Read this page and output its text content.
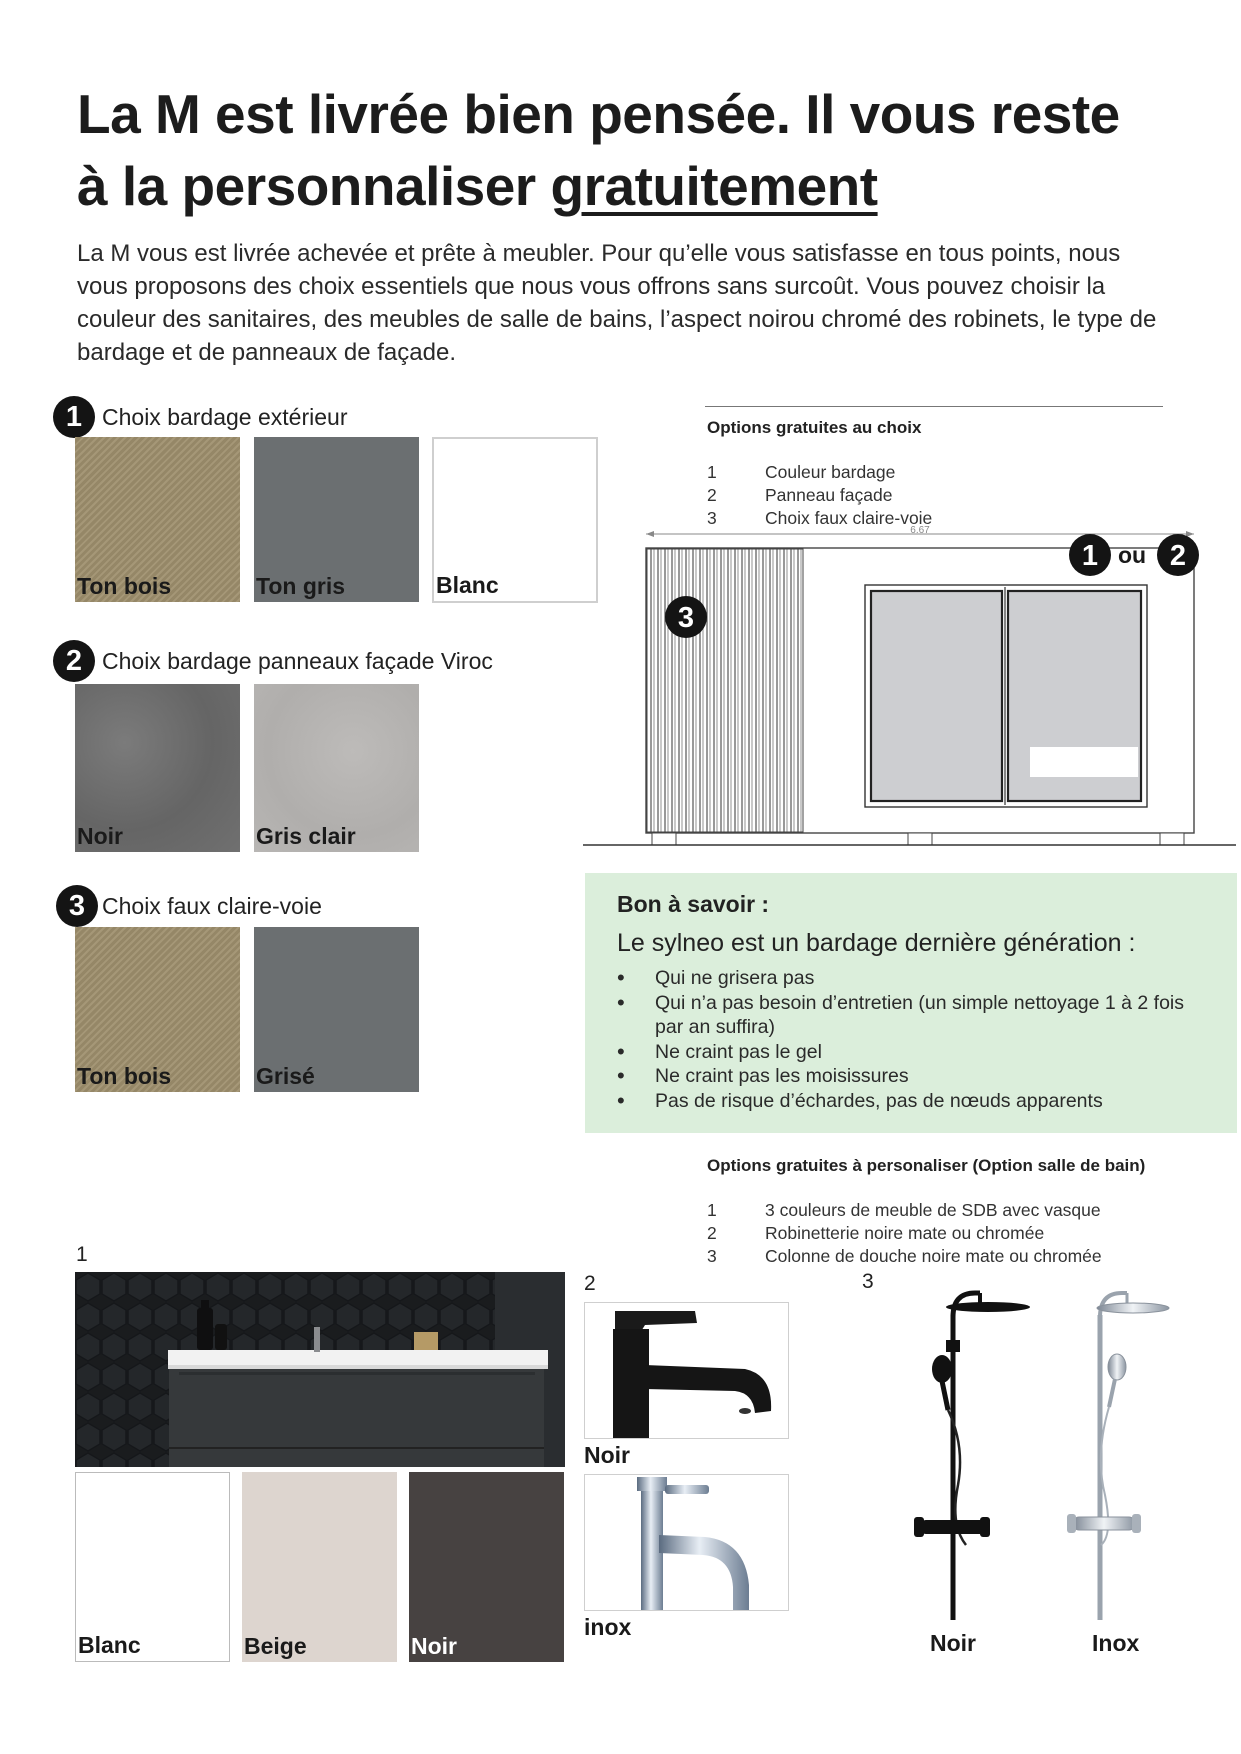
La M est livrée bien pensée. Il vous reste
à la personnaliser gratuitement

La M vous est livrée achevée et prête à meubler. Pour qu’elle vous satisfasse en tous points, nous vous proposons des choix essentiels que nous vous offrons sans surcoût. Vous pouvez choisir la couleur des sanitaires, des meubles de salle de bains, l’aspect noirou chromé des robinets, le type de bardage et de panneaux de façade.

1 Choix bardage extérieur
Ton bois	Ton gris	Blanc
2 Choix bardage panneaux façade Viroc
Noir	Gris clair
3 Choix faux claire-voie
Ton bois	Grisé
Options gratuites au choix
1	Couleur bardage
2	Panneau façade
3	Choix faux claire-voie
6.67
3
1 ou 2
Bon à savoir :
Le sylneo est un bardage dernière génération :
• Qui ne grisera pas
• Qui n’a pas besoin d’entretien (un simple nettoyage 1 à 2 fois par an suffira)
• Ne craint pas le gel
• Ne craint pas les moisissures
• Pas de risque d’échardes, pas de nœuds apparents
Options gratuites à personaliser (Option salle de bain)
1	3 couleurs de meuble de SDB avec vasque
2	Robinetterie noire mate ou chromée
3	Colonne de douche noire mate ou chromée
1
Blanc	Beige	Noir
2
Noir
inox
3
Noir	Inox
